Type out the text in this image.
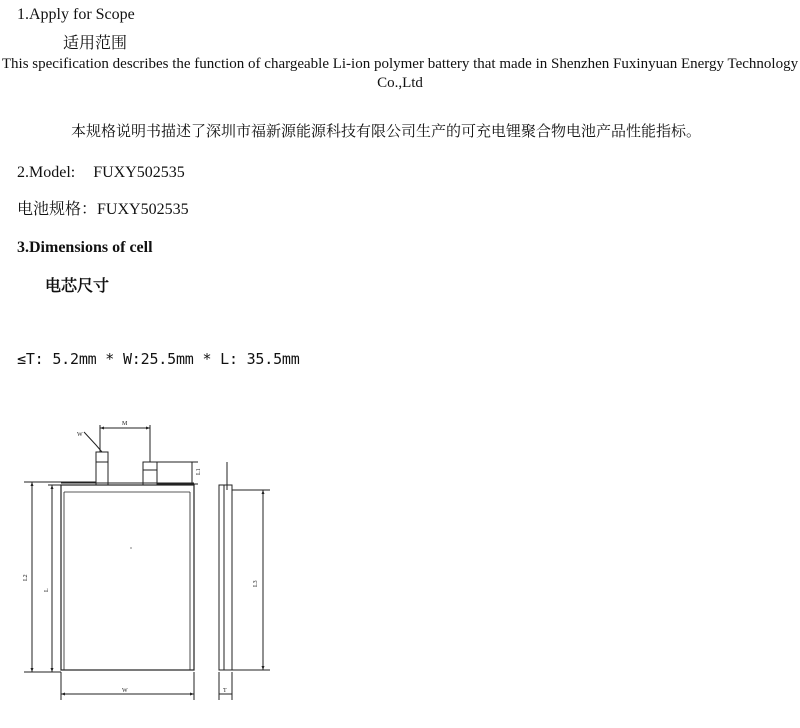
1.Apply for Scope
适用范围
This specification describes the function of chargeable Li-ion polymer battery that made in Shenzhen Fuxinyuan Energy Technology Co.,Ltd
本规格说明书描述了深圳市福新源能源科技有限公司生产的可充电锂聚合物电池产品性能指标。
2.Model: FUXY502535
电池规格：FUXY502535
3.Dimensions of cell
电芯尺寸
≤T: 5.2mm * W:25.5mm * L: 35.5mm
M
W
L1
L2
L
W
L3
T
